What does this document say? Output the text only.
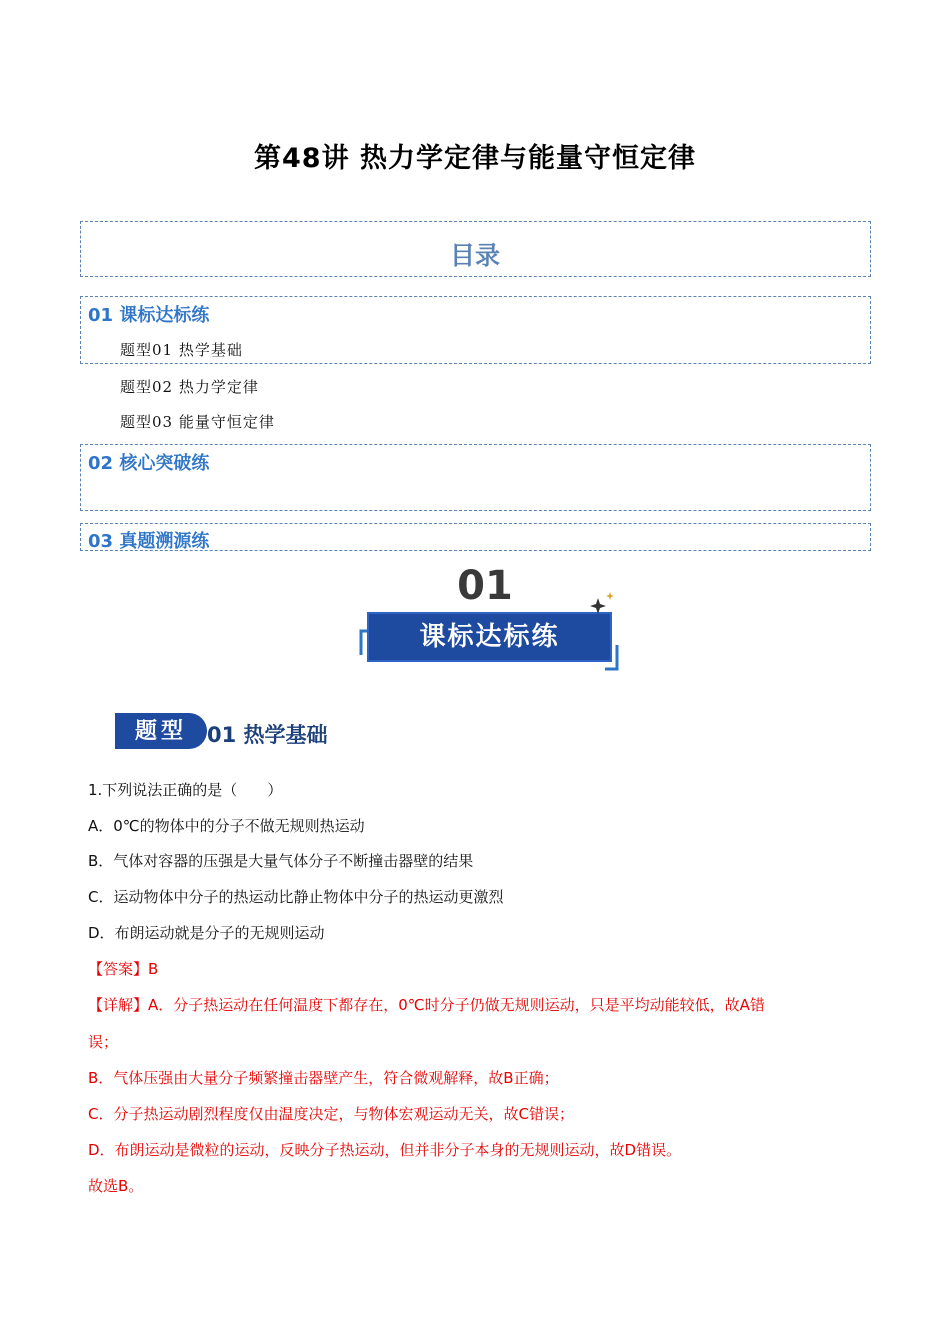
第48讲 热力学定律与能量守恒定律
目录
01 课标达标练
题型01 热学基础
题型02 热力学定律
题型03 能量守恒定律
02 核心突破练
03 真题溯源练
01
课标达标练
题型 01 热学基础
1.下列说法正确的是（　　）
A．0℃的物体中的分子不做无规则热运动
B．气体对容器的压强是大量气体分子不断撞击器壁的结果
C．运动物体中分子的热运动比静止物体中分子的热运动更激烈
D．布朗运动就是分子的无规则运动
【答案】B
【详解】A．分子热运动在任何温度下都存在，0℃时分子仍做无规则运动，只是平均动能较低，故A错
误；
B．气体压强由大量分子频繁撞击器壁产生，符合微观解释，故B正确；
C．分子热运动剧烈程度仅由温度决定，与物体宏观运动无关，故C错误；
D．布朗运动是微粒的运动，反映分子热运动，但并非分子本身的无规则运动，故D错误。
故选B。
